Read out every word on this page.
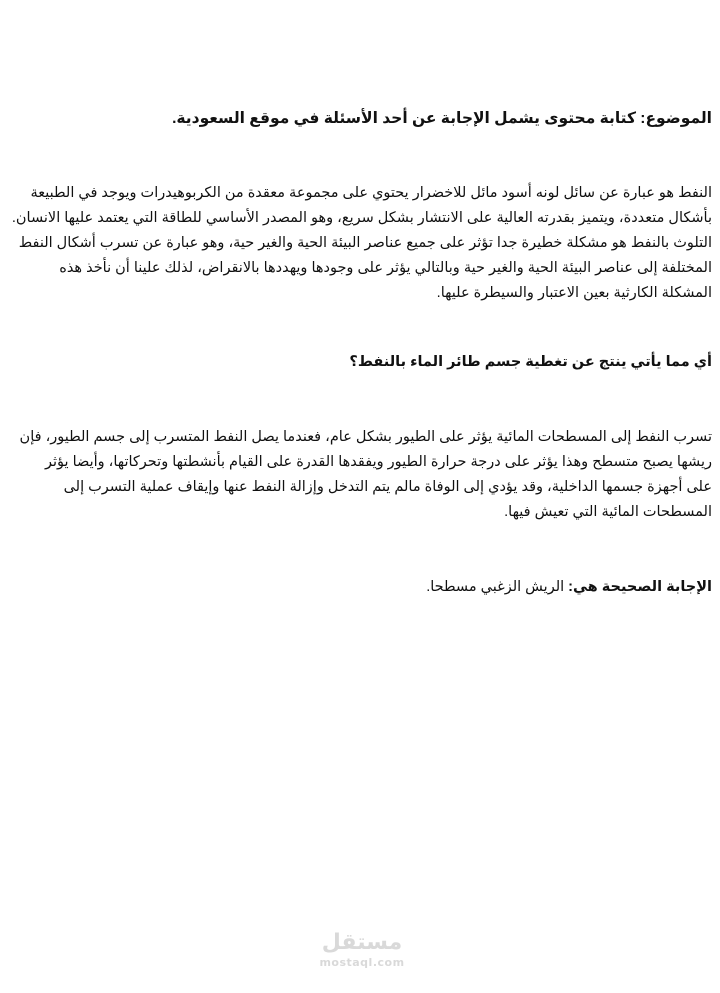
الموضوع: كتابة محتوى يشمل الإجابة عن أحد الأسئلة في موقع السعودية.
النفط هو عبارة عن سائل لونه أسود مائل للاخضرار يحتوي على مجموعة معقدة من الكربوهيدرات ويوجد في الطبيعة
بأشكال متعددة، ويتميز بقدرته العالية على الانتشار بشكل سريع، وهو المصدر الأساسي للطاقة التي يعتمد عليها الانسان.
التلوث بالنفط هو مشكلة خطيرة جدا تؤثر على جميع عناصر البيئة الحية والغير حية، وهو عبارة عن تسرب أشكال النفط
المختلفة إلى عناصر البيئة الحية والغير حية وبالتالي يؤثر على وجودها ويهددها بالانقراض، لذلك علينا أن نأخذ هذه
المشكلة الكارثية بعين الاعتبار والسيطرة عليها.
أي مما يأتي ينتج عن تغطية جسم طائر الماء بالنفط؟
تسرب النفط إلى المسطحات المائية يؤثر على الطيور بشكل عام، فعندما يصل النفط المتسرب إلى جسم الطيور، فإن
ريشها يصبح متسطح وهذا يؤثر على درجة حرارة الطيور ويفقدها القدرة على القيام بأنشطتها وتحركاتها، وأيضا يؤثر
على أجهزة جسمها الداخلية، وقد يؤدي إلى الوفاة مالم يتم التدخل وإزالة النفط عنها وإيقاف عملية التسرب إلى
المسطحات المائية التي تعيش فيها.
الإجابة الصحيحة هي: الريش الزغبي مسطحا.
مستقل
mostaql.com
